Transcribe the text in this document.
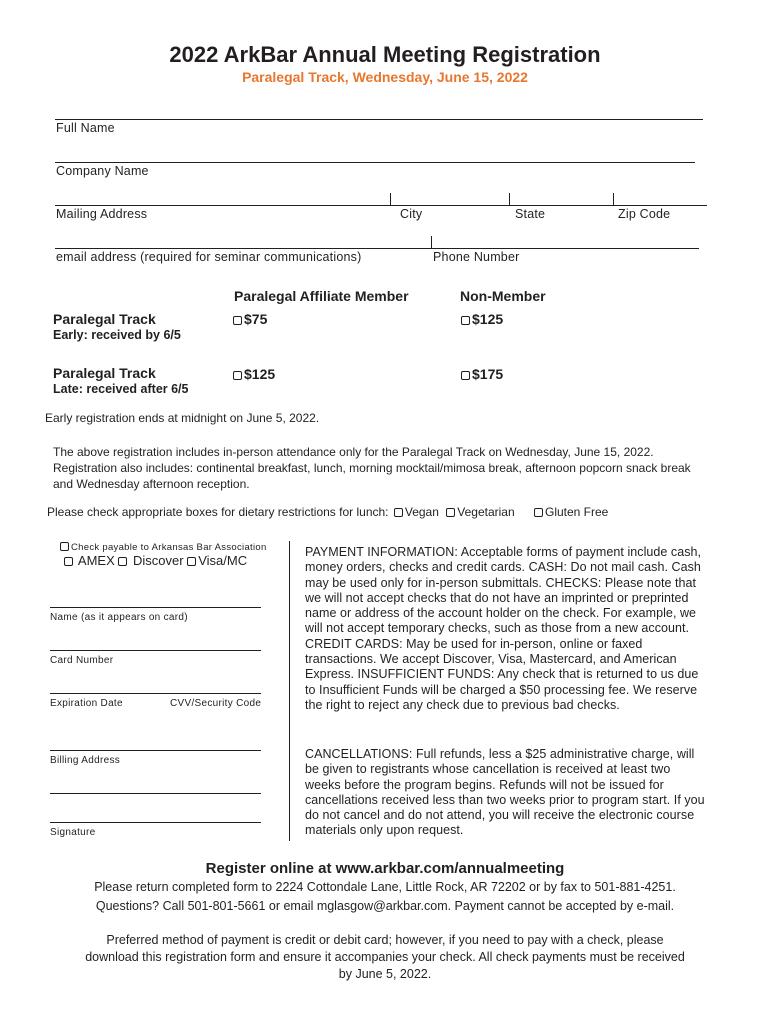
2022 ArkBar Annual Meeting Registration
Paralegal Track, Wednesday, June 15, 2022
Full Name
Company Name
Mailing Address	City	State	Zip Code
email address (required for seminar communications)	Phone Number
Paralegal Affiliate Member	Non-Member
Paralegal Track
Early: received by 6/5
$75	$125
Paralegal Track
Late: received after 6/5
$125	$175
Early registration ends at midnight on June 5, 2022.
The above registration includes in-person attendance only for the Paralegal Track on Wednesday, June 15, 2022.
Registration also includes: continental breakfast, lunch, morning mocktail/mimosa break, afternoon popcorn snack break
and Wednesday afternoon reception.
Please check appropriate boxes for dietary restrictions for lunch: Vegan Vegetarian	Gluten Free
Check payable to Arkansas Bar Association
AMEX Discover Visa/MC
Name (as it appears on card)
Card Number
Expiration Date	CVV/Security Code
Billing Address
Signature
PAYMENT INFORMATION: Acceptable forms of payment include cash, money orders, checks and credit cards. CASH: Do not mail cash. Cash may be used only for in-person submittals. CHECKS: Please note that we will not accept checks that do not have an imprinted or preprinted name or address of the account holder on the check. For example, we will not accept temporary checks, such as those from a new account. CREDIT CARDS: May be used for in-person, online or faxed transactions. We accept Discover, Visa, Mastercard, and American Express. INSUFFICIENT FUNDS: Any check that is returned to us due to Insufficient Funds will be charged a $50 processing fee. We reserve the right to reject any check due to previous bad checks.
CANCELLATIONS: Full refunds, less a $25 administrative charge, will be given to registrants whose cancellation is received at least two weeks before the program begins. Refunds will not be issued for cancellations received less than two weeks prior to program start. If you do not cancel and do not attend, you will receive the electronic course materials only upon request.
Register online at www.arkbar.com/annualmeeting
Please return completed form to 2224 Cottondale Lane, Little Rock, AR 72202 or by fax to 501-881-4251.
Questions? Call 501-801-5661 or email mglasgow@arkbar.com. Payment cannot be accepted by e-mail.
Preferred method of payment is credit or debit card; however, if you need to pay with a check, please
download this registration form and ensure it accompanies your check. All check payments must be received
by June 5, 2022.
